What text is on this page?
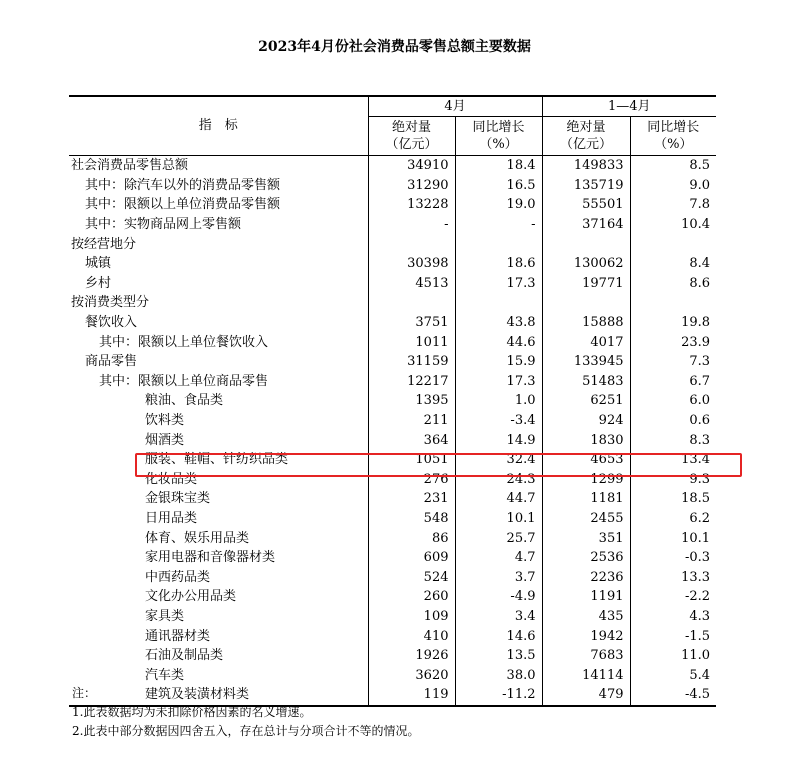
2023年4月份社会消费品零售总额主要数据
指　标	4月	1—4月
绝对量
（亿元）	同比增长
（%）	绝对量
（亿元）	同比增长
（%）
社会消费品零售总额	34910	18.4	149833	8.5
其中：除汽车以外的消费品零售额	31290	16.5	135719	9.0
其中：限额以上单位消费品零售额	13228	19.0	55501	7.8
其中：实物商品网上零售额	-	-	37164	10.4
按经营地分				
城镇	30398	18.6	130062	8.4
乡村	4513	17.3	19771	8.6
按消费类型分				
餐饮收入	3751	43.8	15888	19.8
其中：限额以上单位餐饮收入	1011	44.6	4017	23.9
商品零售	31159	15.9	133945	7.3
其中：限额以上单位商品零售	12217	17.3	51483	6.7
粮油、食品类	1395	1.0	6251	6.0
饮料类	211	-3.4	924	0.6
烟酒类	364	14.9	1830	8.3
服装、鞋帽、针纺织品类	1051	32.4	4653	13.4
化妆品类	276	24.3	1299	9.3
金银珠宝类	231	44.7	1181	18.5
日用品类	548	10.1	2455	6.2
体育、娱乐用品类	86	25.7	351	10.1
家用电器和音像器材类	609	4.7	2536	-0.3
中西药品类	524	3.7	2236	13.3
文化办公用品类	260	-4.9	1191	-2.2
家具类	109	3.4	435	4.3
通讯器材类	410	14.6	1942	-1.5
石油及制品类	1926	13.5	7683	11.0
汽车类	3620	38.0	14114	5.4
建筑及装潢材料类	119	-11.2	479	-4.5
注：
1.此表数据均为未扣除价格因素的名义增速。
2.此表中部分数据因四舍五入，存在总计与分项合计不等的情况。
